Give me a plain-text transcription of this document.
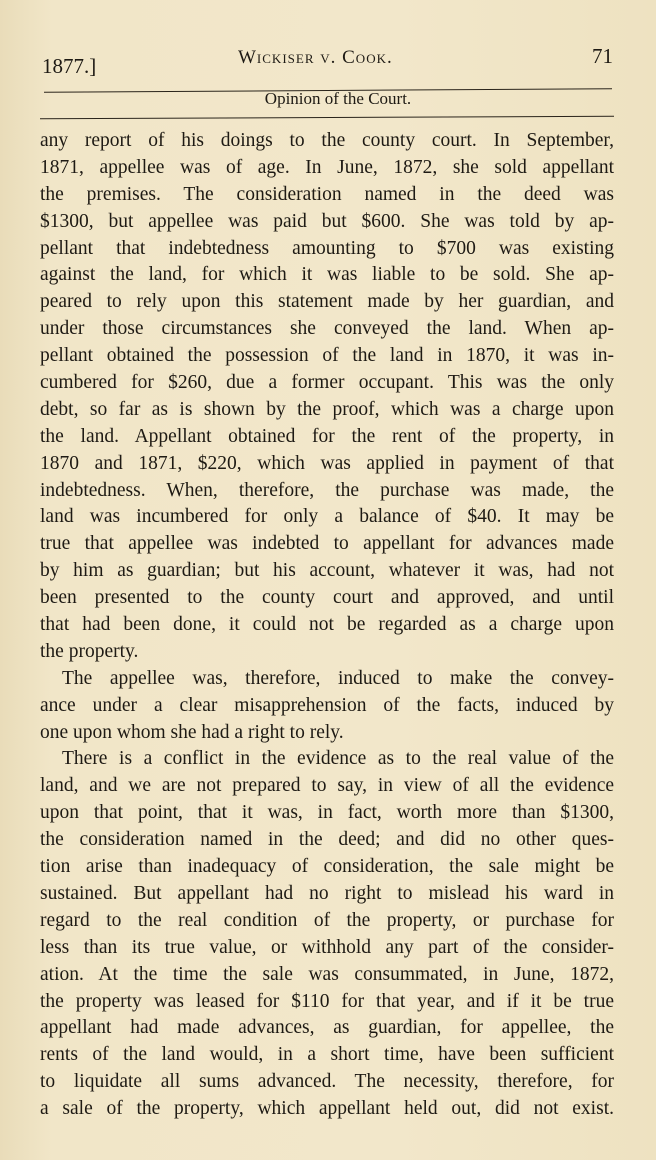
1877.]	Wickiser v. Cook.	71
Opinion of the Court.
any report of his doings to the county court. In September,
1871, appellee was of age. In June, 1872, she sold appellant
the premises. The consideration named in the deed was
$1300, but appellee was paid but $600. She was told by ap-
pellant that indebtedness amounting to $700 was existing
against the land, for which it was liable to be sold. She ap-
peared to rely upon this statement made by her guardian, and
under those circumstances she conveyed the land. When ap-
pellant obtained the possession of the land in 1870, it was in-
cumbered for $260, due a former occupant. This was the only
debt, so far as is shown by the proof, which was a charge upon
the land. Appellant obtained for the rent of the property, in
1870 and 1871, $220, which was applied in payment of that
indebtedness. When, therefore, the purchase was made, the
land was incumbered for only a balance of $40. It may be
true that appellee was indebted to appellant for advances made
by him as guardian; but his account, whatever it was, had not
been presented to the county court and approved, and until
that had been done, it could not be regarded as a charge upon
the property.
The appellee was, therefore, induced to make the convey-
ance under a clear misapprehension of the facts, induced by
one upon whom she had a right to rely.
There is a conflict in the evidence as to the real value of the
land, and we are not prepared to say, in view of all the evidence
upon that point, that it was, in fact, worth more than $1300,
the consideration named in the deed; and did no other ques-
tion arise than inadequacy of consideration, the sale might be
sustained. But appellant had no right to mislead his ward in
regard to the real condition of the property, or purchase for
less than its true value, or withhold any part of the consider-
ation. At the time the sale was consummated, in June, 1872,
the property was leased for $110 for that year, and if it be true
appellant had made advances, as guardian, for appellee, the
rents of the land would, in a short time, have been sufficient
to liquidate all sums advanced. The necessity, therefore, for
a sale of the property, which appellant held out, did not exist.
